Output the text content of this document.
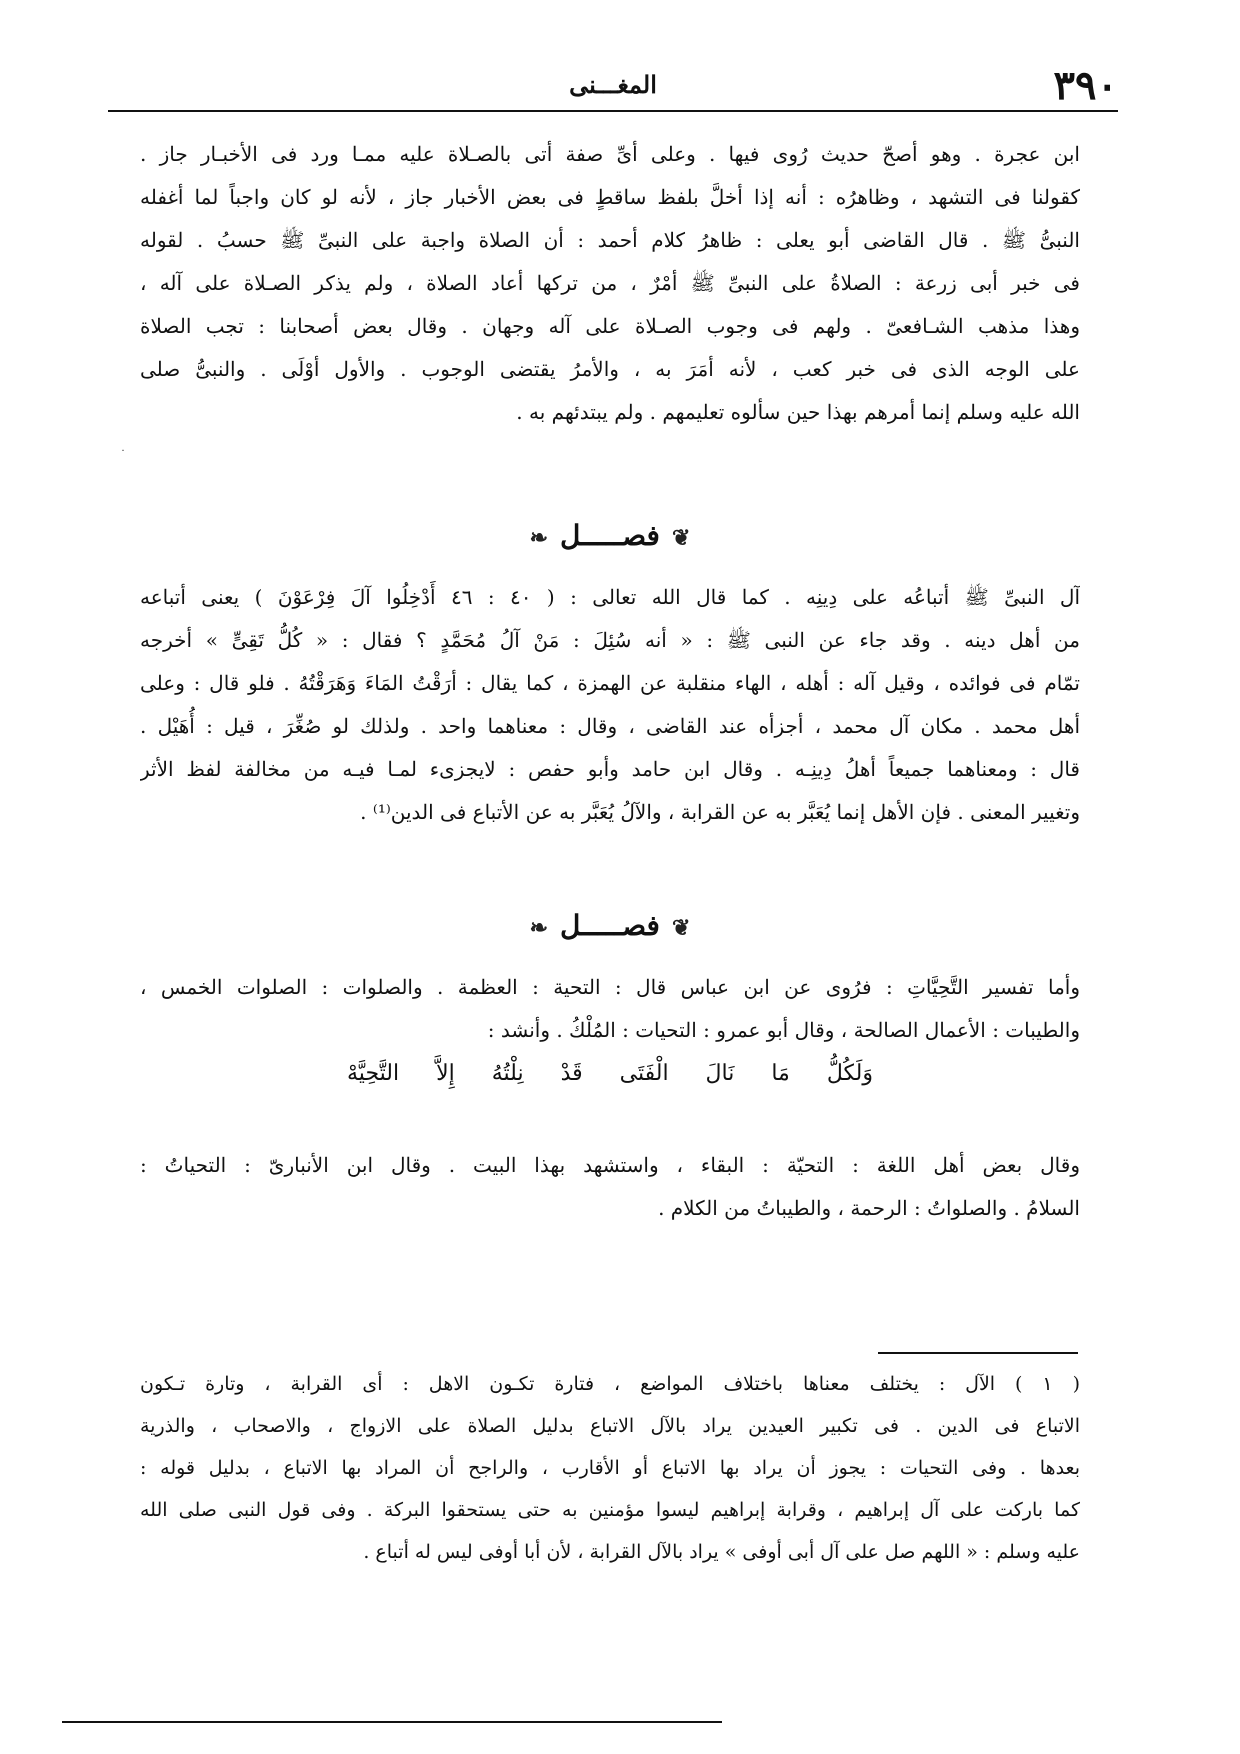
٣٩٠
المغـــنى
˙
ابن عجرة . وهو أصحّ حديث رُوى فيها . وعلى أىِّ صفة أتى بالصـلاة عليه ممـا ورد فى الأخبـار جاز .
كقولنا فى التشهد ، وظاهرُه : أنه إذا أخلَّ بلفظ ساقطٍ فى بعض الأخبار جاز ، لأنه لو كان واجباً لما أغفله
النبىُّ ﷺ . قال القاضى أبو يعلى : ظاهرُ كلام أحمد : أن الصلاة واجبة على النبىِّ ﷺ حسبُ . لقوله
فى خبر أبى زرعة : الصلاةُ على النبىِّ ﷺ أمْرٌ ، من تركها أعاد الصلاة ، ولم يذكر الصـلاة على آله ،
وهذا مذهب الشـافعىّ . ولهم فى وجوب الصـلاة على آله وجهان . وقال بعض أصحابنا : تجب الصلاة
على الوجه الذى فى خبر كعب ، لأنه أمَرَ به ، والأمرُ يقتضى الوجوب . والأول أوْلَى . والنبىُّ صلى
الله عليه وسلم إنما أمرهم بهذا حين سألوه تعليمهم . ولم يبتدئهم به .
❦فصـــــل❧
آل النبىِّ ﷺ أتباعُه على دِينِه . كما قال الله تعالى : ( ٤٠ : ٤٦ أَدْخِلُوا آلَ فِرْعَوْنَ ) يعنى أتباعه
من أهل دينه . وقد جاء عن النبى ﷺ : « أنه سُئِلَ : مَنْ آلُ مُحَمَّدٍ ؟ فقال : « كُلُّ تَقِىٍّ » أخرجه
تمّام فى فوائده ، وقيل آله : أهله ، الهاء منقلبة عن الهمزة ، كما يقال : أرَقْتُ المَاءَ وَهَرَقْتُهُ . فلو قال : وعلى
أهل محمد . مكان آل محمد ، أجزأه عند القاضى ، وقال : معناهما واحد . ولذلك لو صُغِّرَ ، قيل : أُهَيْل .
قال : ومعناهما جميعاً أهلُ دِينِـه . وقال ابن حامد وأبو حفص : لايجزىء لمـا فيـه من مخالفة لفظ الأثر
وتغيير المعنى . فإن الأهل إنما يُعَبَّر به عن القرابة ، والآلُ يُعَبَّر به عن الأتباع فى الدين⁽¹⁾ .
❦فصـــــل❧
وأما تفسير التَّحِيَّاتِ : فرُوى عن ابن عباس قال : التحية : العظمة . والصلوات : الصلوات الخمس ،
والطيبات : الأعمال الصالحة ، وقال أبو عمرو : التحيات : المُلْكُ . وأنشد :
وَلَكُلُّ مَا نَالَ الْفَتَى قَدْ نِلْتُهُ إِلاَّ التَّحِيَّهْ
وقال بعض أهل اللغة : التحيّة : البقاء ، واستشهد بهذا البيت . وقال ابن الأنبارىّ : التحياتُ :
السلامُ . والصلواتُ : الرحمة ، والطيباتُ من الكلام .
( ١ ) الآل : يختلف معناها باختلاف المواضع ، فتارة تكـون الاهل : أى القرابة ، وتارة تـكون
الاتباع فى الدين . فى تكبير العيدين يراد بالآل الاتباع بدليل الصلاة على الازواج ، والاصحاب ، والذرية
بعدها . وفى التحيات : يجوز أن يراد بها الاتباع أو الأقارب ، والراجح أن المراد بها الاتباع ، بدليل قوله :
كما باركت على آل إبراهيم ، وقرابة إبراهيم ليسوا مؤمنين به حتى يستحقوا البركة . وفى قول النبى صلى الله
عليه وسلم : « اللهم صل على آل أبى أوفى » يراد بالآل القرابة ، لأن أبا أوفى ليس له أتباع .
